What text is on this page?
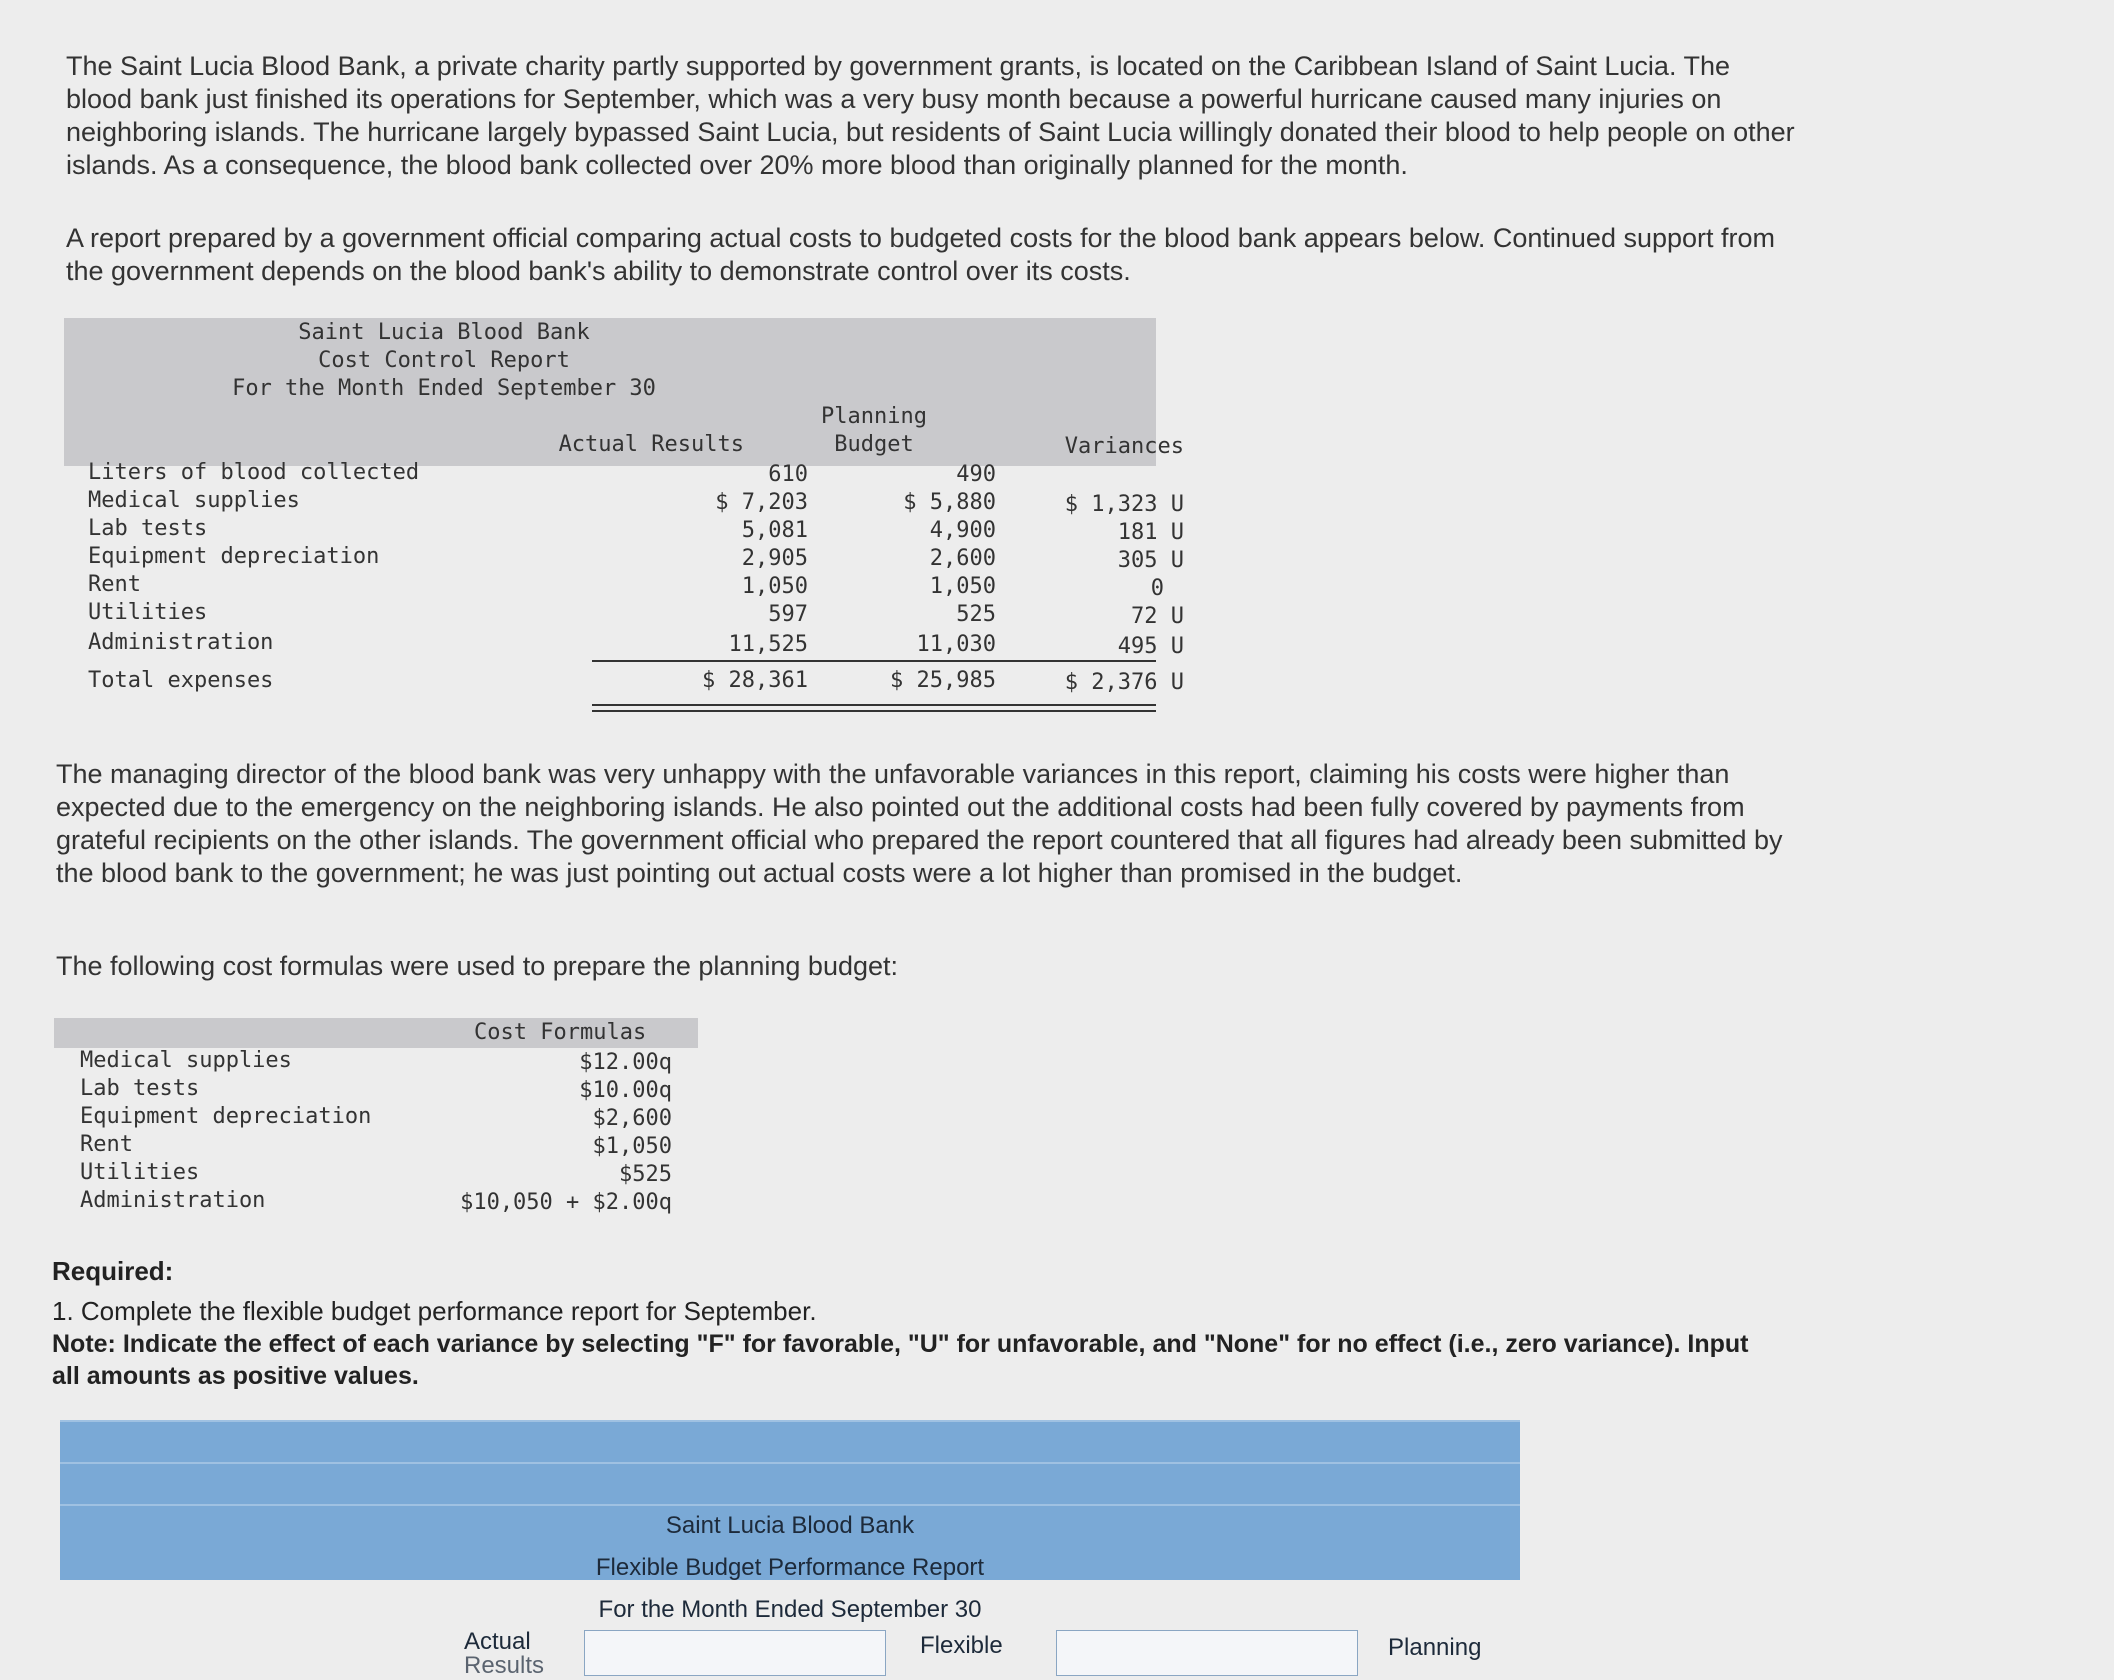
The Saint Lucia Blood Bank, a private charity partly supported by government grants, is located on the Caribbean Island of Saint Lucia. The blood bank just finished its operations for September, which was a very busy month because a powerful hurricane caused many injuries on neighboring islands. The hurricane largely bypassed Saint Lucia, but residents of Saint Lucia willingly donated their blood to help people on other islands. As a consequence, the blood bank collected over 20% more blood than originally planned for the month.

A report prepared by a government official comparing actual costs to budgeted costs for the blood bank appears below. Continued support from the government depends on the blood bank's ability to demonstrate control over its costs.

Saint Lucia Blood Bank
Cost Control Report
For the Month Ended September 30
Actual Results
Planning
Budget	Variances
Liters of blood collected	610	490
Medical supplies	$ 7,203	$ 5,880	$ 1,323 U
Lab tests	5,081	4,900	181 U
Equipment depreciation	2,905	2,600	305 U
Rent	1,050	1,050	0
Utilities	597	525	72 U
Administration	11,525	11,030	495 U
Total expenses	$ 28,361	$ 25,985	$ 2,376 U

The managing director of the blood bank was very unhappy with the unfavorable variances in this report, claiming his costs were higher than expected due to the emergency on the neighboring islands. He also pointed out the additional costs had been fully covered by payments from grateful recipients on the other islands. The government official who prepared the report countered that all figures had already been submitted by the blood bank to the government; he was just pointing out actual costs were a lot higher than promised in the budget.

The following cost formulas were used to prepare the planning budget:

Cost Formulas
Medical supplies	$12.00q
Lab tests	$10.00q
Equipment depreciation	$2,600
Rent	$1,050
Utilities	$525
Administration	$10,050 + $2.00q
Required:
1. Complete the flexible budget performance report for September.
Note: Indicate the effect of each variance by selecting "F" for favorable, "U" for unfavorable, and "None" for no effect (i.e., zero variance). Input all amounts as positive values.
Saint Lucia Blood Bank
Flexible Budget Performance Report
For the Month Ended September 30
Actual
Results
Flexible	Planning
